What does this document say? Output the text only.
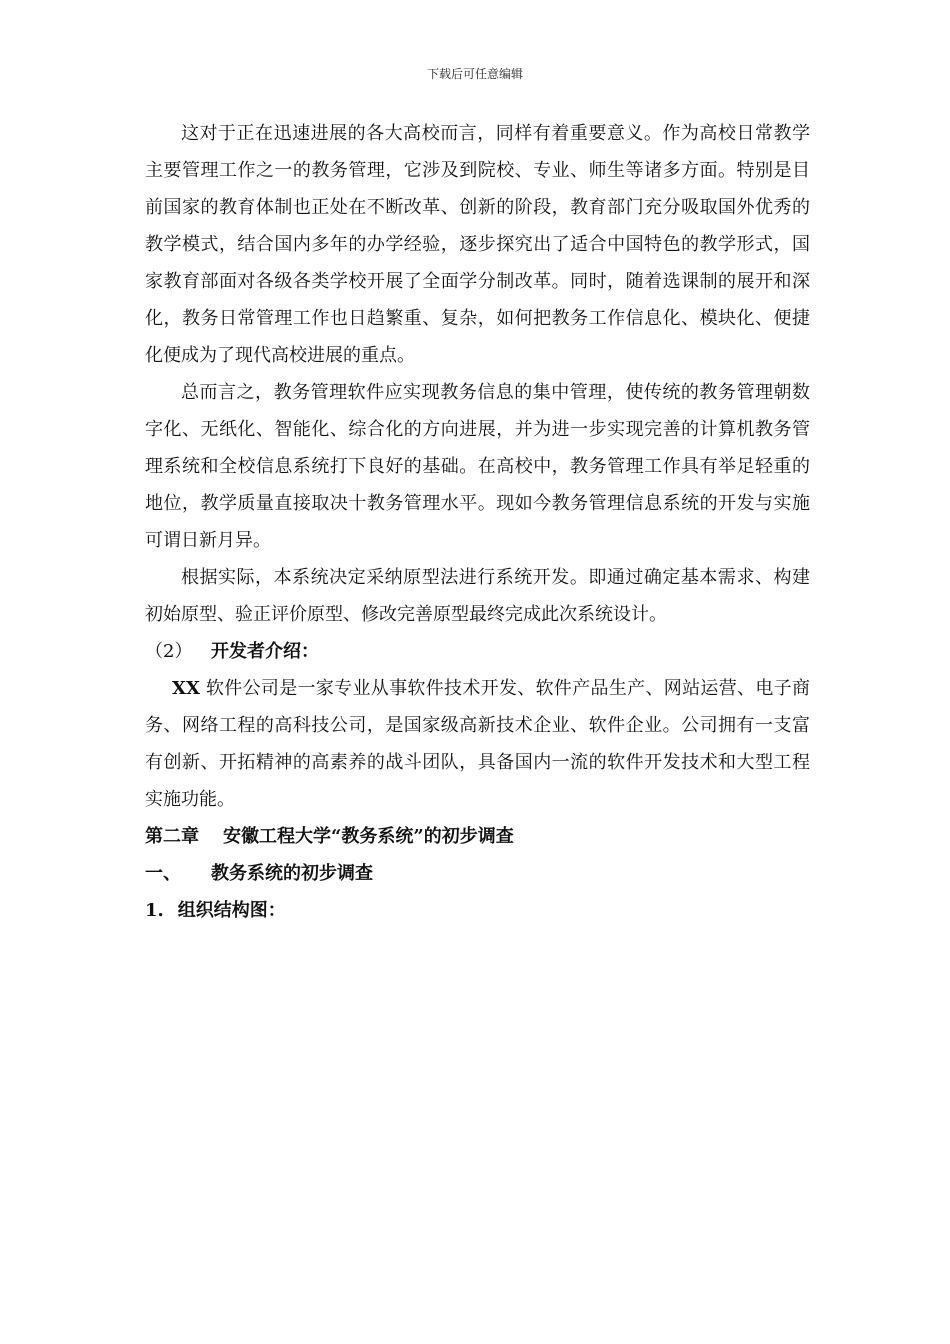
下载后可任意编辑

这对于正在迅速进展的各大高校而言，同样有着重要意义。作为高校日常教学主要管理工作之一的教务管理，它涉及到院校、专业、师生等诸多方面。特别是目前国家的教育体制也正处在不断改革、创新的阶段，教育部门充分吸取国外优秀的教学模式，结合国内多年的办学经验，逐步探究出了适合中国特色的教学形式，国家教育部面对各级各类学校开展了全面学分制改革。同时，随着选课制的展开和深化，教务日常管理工作也日趋繁重、复杂，如何把教务工作信息化、模块化、便捷化便成为了现代高校进展的重点。

总而言之，教务管理软件应实现教务信息的集中管理，使传统的教务管理朝数字化、无纸化、智能化、综合化的方向进展，并为进一步实现完善的计算机教务管理系统和全校信息系统打下良好的基础。在高校中，教务管理工作具有举足轻重的地位，教学质量直接取决十教务管理水平。现如今教务管理信息系统的开发与实施可谓日新月异。

根据实际，本系统决定采纳原型法进行系统开发。即通过确定基本需求、构建初始原型、验正评价原型、修改完善原型最终完成此次系统设计。

（2） 开发者介绍：

XX 软件公司是一家专业从事软件技术开发、软件产品生产、网站运营、电子商务、网络工程的高科技公司，是国家级高新技术企业、软件企业。公司拥有一支富有创新、开拓精神的高素养的战斗团队，具备国内一流的软件开发技术和大型工程实施功能。

第二章 安徽工程大学“教务系统”的初步调查

一、 教务系统的初步调查

1. 组织结构图：
